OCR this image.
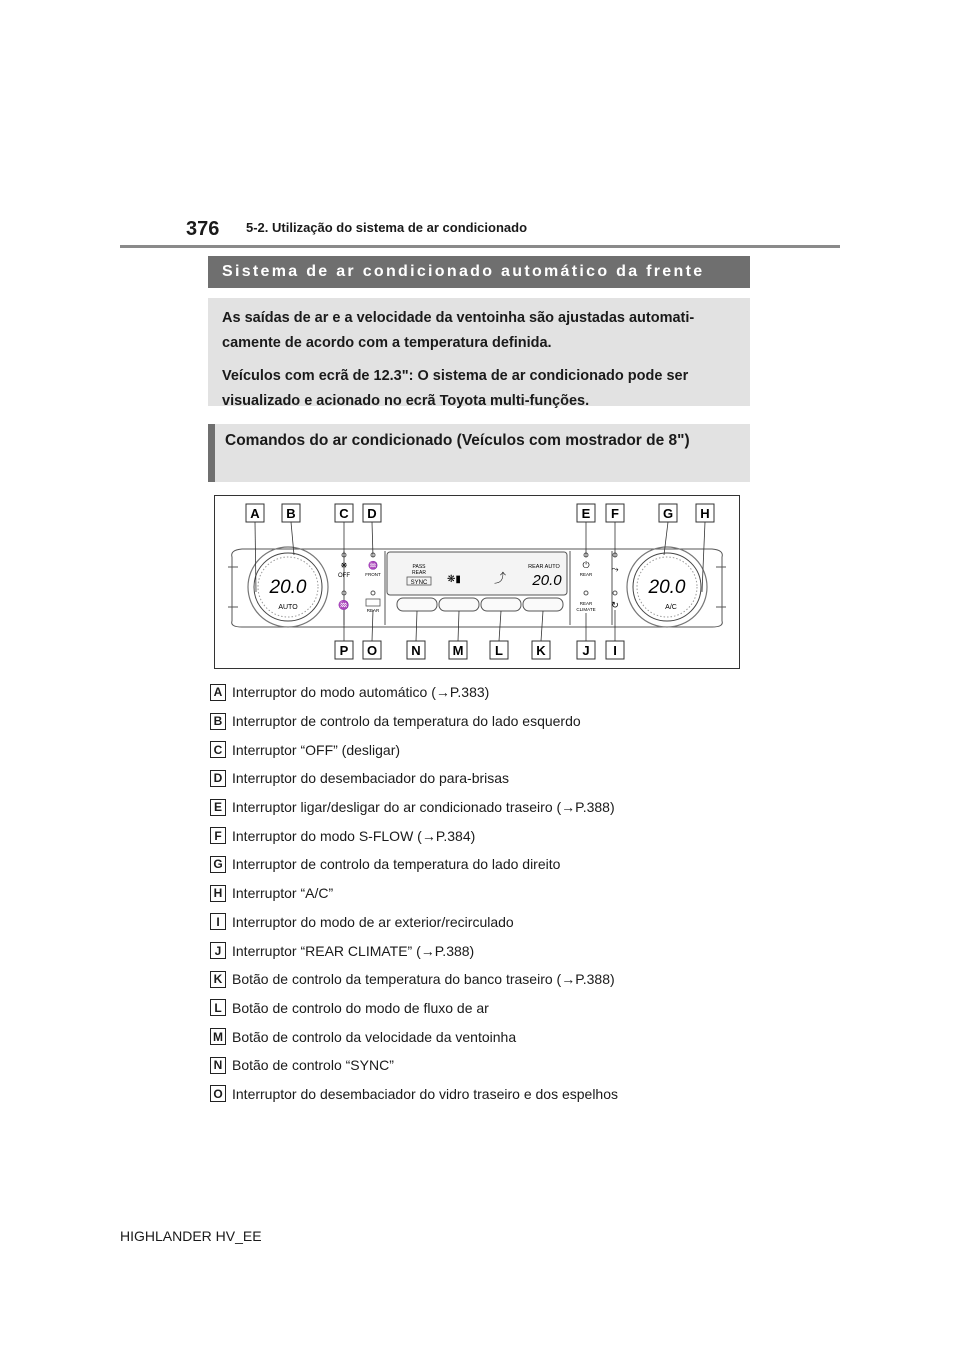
376 5-2. Utilização do sistema de ar condicionado
Sistema de ar condicionado automático da frente

As saídas de ar e a velocidade da ventoinha são ajustadas automati-camente de acordo com a temperatura definida.

Veículos com ecrã de 12.3": O sistema de ar condicionado pode ser visualizado e acionado no ecrã Toyota multi-funções.

Comandos do ar condicionado (Veículos com mostrador de 8")
A B	C D	E F	G H
P O	N M L	K	J I
20.0
AUTO
20.0
A/C
❋
OFF
♒
♒
FRONT
REAR
PASS
REAR
SYNC ❋▮	⤴
REAR AUTO
20.0
⏻
REAR
REAR
CLIMATE
⤳
↻
A Interruptor do modo automático (→P.383)
B Interruptor de controlo da temperatura do lado esquerdo
C Interruptor “OFF” (desligar)
D Interruptor do desembaciador do para-brisas
E Interruptor ligar/desligar do ar condicionado traseiro (→P.388)
F Interruptor do modo S-FLOW (→P.384)
G Interruptor de controlo da temperatura do lado direito
H Interruptor “A/C”
I Interruptor do modo de ar exterior/recirculado
J Interruptor “REAR CLIMATE” (→P.388)
K Botão de controlo da temperatura do banco traseiro (→P.388)
L Botão de controlo do modo de fluxo de ar
M Botão de controlo da velocidade da ventoinha
N Botão de controlo “SYNC”
O Interruptor do desembaciador do vidro traseiro e dos espelhos
HIGHLANDER HV_EE
